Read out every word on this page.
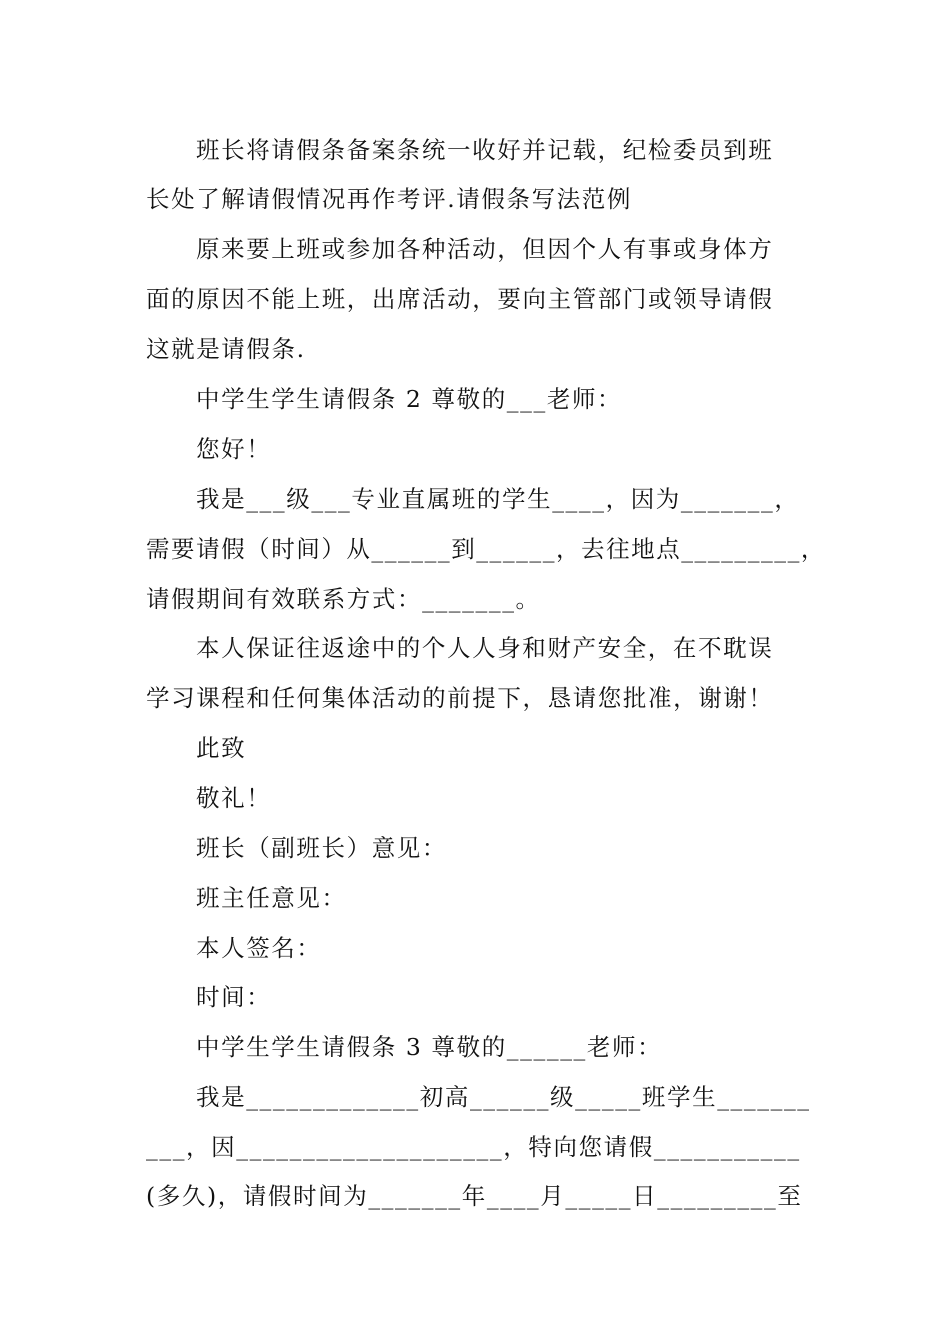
班长将请假条备案条统一收好并记载，纪检委员到班
长处了解请假情况再作考评.请假条写法范例
原来要上班或参加各种活动，但因个人有事或身体方
面的原因不能上班，出席活动，要向主管部门或领导请假
这就是请假条.
中学生学生请假条 2 尊敬的___老师：
您好！
我是___级___专业直属班的学生____，因为_______，
需要请假（时间）从______到______，去往地点_________，
请假期间有效联系方式：_______。
本人保证往返途中的个人人身和财产安全，在不耽误
学习课程和任何集体活动的前提下，恳请您批准，谢谢！
此致
敬礼！
班长（副班长）意见：
班主任意见：
本人签名：
时间：
中学生学生请假条 3 尊敬的______老师：
我是_____________初高______级_____班学生_______
___，因____________________，特向您请假___________
(多久)，请假时间为_______年____月_____日_________至
